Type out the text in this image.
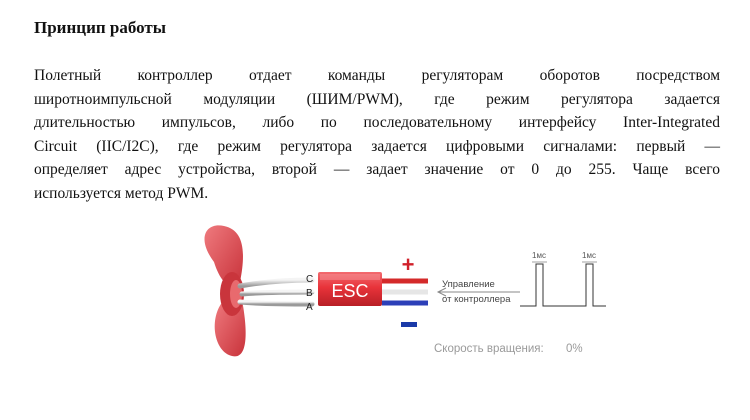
Принцип работы
Полетный контроллер отдает команды регуляторам оборотов посредством
широтноимпульсной модуляции (ШИМ/PWM), где режим регулятора задается
длительностью импульсов, либо по последовательному интерфейсу Inter-Integrated
Circuit (IIC/I2C), где режим регулятора задается цифровыми сигналами: первый —
определяет адрес устройства, второй — задает значение от 0 до 255. Чаще всего
используется метод PWM.
C
B
A
ESC
+
Управление
от контроллера
1мс	1мс
Скорость вращения: 0%
